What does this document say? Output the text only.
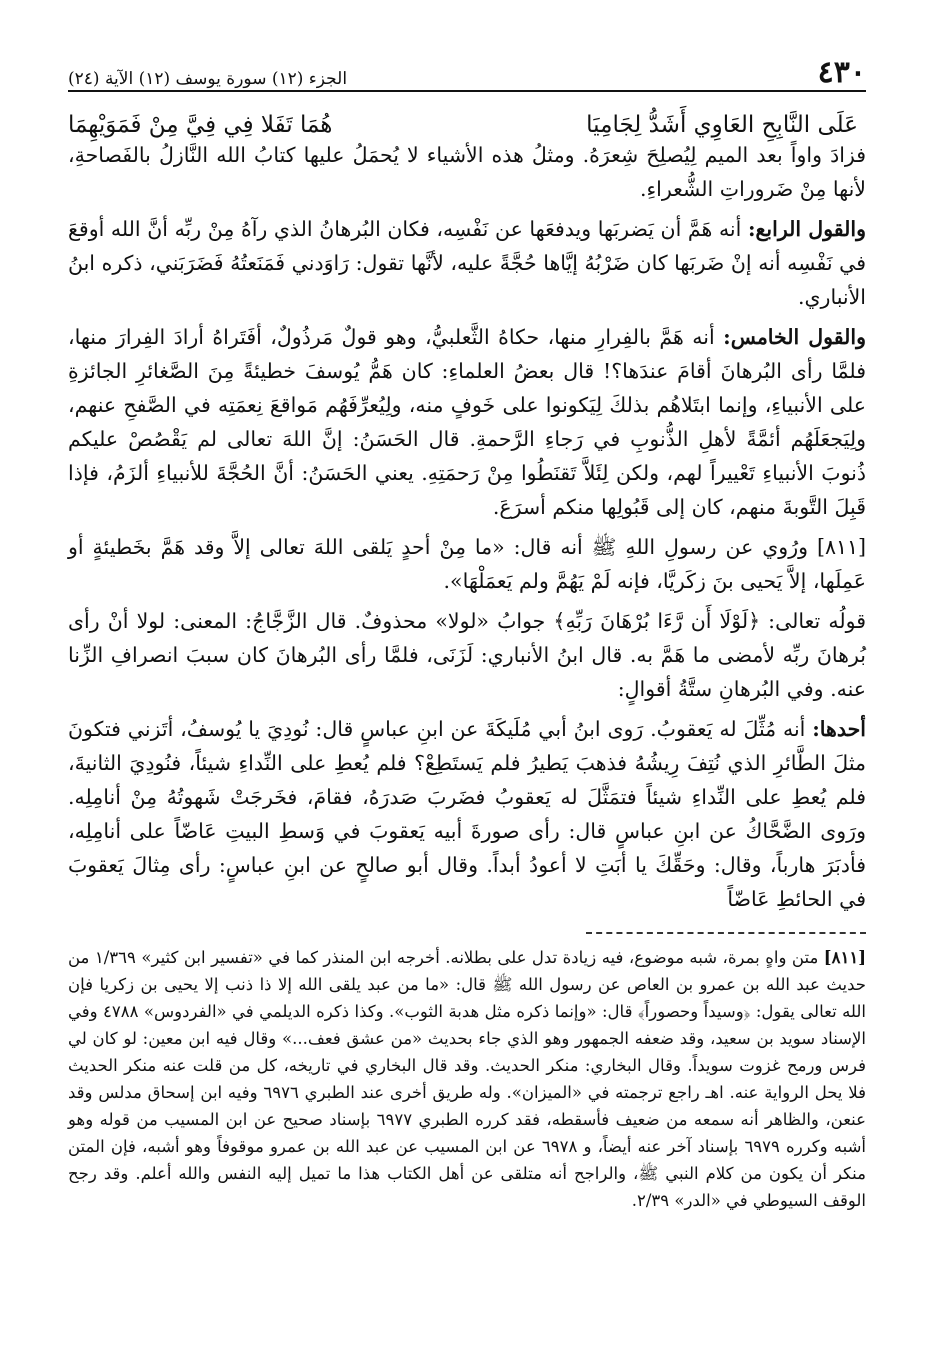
٤٣٠
الجزء (١٢) سورة يوسف (١٢) الآية (٢٤)
عَلَى النَّابِحِ العَاوِي أَشَدُّ لِجَامِيَا
هُمَا تَفَلا فِي فِيَّ مِنْ فَمَوَيْهِمَا

فزادَ واواً بعد الميم لِيُصلِحَ شِعرَهُ. ومثلُ هذه الأشياء لا يُحمَلُ عليها كتابُ الله النَّازلُ بالفَصاحةِ، لأنها مِنْ ضَروراتِ الشُّعراءِ.

والقول الرابع: أنه هَمَّ أن يَضربَها ويدفعَها عن نَفْسِه، فكان البُرهانُ الذي رآهُ مِنْ ربِّه أنَّ الله أوقعَ في نَفْسِه أنه إنْ ضَربَها كان ضَرْبُهُ إيَّاها حُجَّةً عليه، لأنَّها تقول: رَاوَدني فَمَنَعتُهُ فَضَرَبَني، ذكره ابنُ الأنباري.

والقول الخامس: أنه هَمَّ بالفِرارِ منها، حكاهُ الثَّعلبيُّ، وهو قولٌ مَرذُولٌ، أفَتَراهُ أرادَ الفِرارَ منها، فلمَّا رأى البُرهانَ أقامَ عندَها؟! قال بعضُ العلماءِ: كان هَمُّ يُوسفَ خطيئةً مِنَ الصَّغائرِ الجائزةِ على الأنبياءِ، وإنما ابتَلاهُم بذلكَ لِيَكونوا على خَوفٍ منه، ولِيُعرِّفَهُم مَواقعَ نِعمَتِه في الصَّفحِ عنهم، ولِيَجعَلَهُم أئمَّةً لأهلِ الذُّنوبِ في رَجاءِ الرَّحمةِ. قال الحَسَنُ: إنَّ اللهَ تعالى لم يَقْصُصْ عليكم ذُنوبَ الأنبياءِ تَعْييراً لهم، ولكن لِئَلاَّ تَقنَطُوا مِنْ رَحمَتِهِ. يعني الحَسَنُ: أنَّ الحُجَّةَ للأنبياءِ ألزَمُ، فإذا قَبِلَ التَّوبةَ منهم، كان إلى قَبُولِها منكم أسرَعَ.

[٨١١] ورُوي عن رسولِ اللهِ ﷺ أنه قال: «ما مِنْ أحدٍ يَلقى اللهَ تعالى إلاَّ وقد هَمَّ بخَطيئةٍ أو عَمِلَها، إلاَّ يَحيى بنَ زكَريَّا، فإنه لَمْ يَهُمَّ ولم يَعمَلْهَا».

قولُه تعالى: ﴿لَوْلَا أَن رَّءَا بُرْهَانَ رَبِّهِ﴾ جوابُ «لولا» محذوفٌ. قال الزَّجَّاجُ: المعنى: لولا أنْ رأى بُرهانَ ربِّه لأمضى ما هَمَّ به. قال ابنُ الأنباري: لَزَنَى، فلمَّا رأى البُرهانَ كان سببَ انصرافِ الزِّنا عنه. وفي البُرهانِ ستَّةُ أقوالٍ:

أحدها: أنه مُثِّلَ له يَعقوبُ. رَوى ابنُ أبي مُلَيكَةَ عن ابنِ عباسٍ قال: نُودِيَ يا يُوسفُ، أتَزني فتكونَ مثلَ الطَّائرِ الذي نُتِفَ رِيشُهُ فذهبَ يَطيرُ فلم يَستَطِعْ؟ فلم يُعطِ على النِّداءِ شيئاً، فنُودِيَ الثانيةَ، فلم يُعطِ على النِّداءِ شيئاً فتمَثَّلَ له يَعقوبُ فضَربَ صَدرَهُ، فقامَ، فخَرجَتْ شَهوتُهُ مِنْ أنامِلِه. ورَوى الضَّحَّاكُ عن ابنِ عباسٍ قال: رأى صورةَ أبيه يَعقوبَ في وَسطِ البيتِ عَاضّاً على أنامِلِه، فأدبَرَ هارباً، وقال: وحَقِّكَ يا أبَتِ لا أعودُ أبداً. وقال أبو صالحٍ عن ابنِ عباسٍ: رأى مِثالَ يَعقوبَ في الحائطِ عَاضّاً

[٨١١] متن واهٍ بمرة، شبه موضوع، فيه زيادة تدل على بطلانه. أخرجه ابن المنذر كما في «تفسير ابن كثير» ١/٣٦٩ من حديث عبد الله بن عمرو بن العاص عن رسول الله ﷺ قال: «ما من عبد يلقى الله إلا ذا ذنب إلا يحيى بن زكريا فإن الله تعالى يقول: ﴿وسيداً وحصوراً﴾ قال: «وإنما ذكره مثل هدبة الثوب». وكذا ذكره الديلمي في «الفردوس» ٤٧٨٨ وفي الإسناد سويد بن سعيد، وقد ضعفه الجمهور وهو الذي جاء بحديث «من عشق فعف...» وقال فيه ابن معين: لو كان لي فرس ورمح غزوت سويداً. وقال البخاري: منكر الحديث. وقد قال البخاري في تاريخه، كل من قلت عنه منكر الحديث فلا يحل الرواية عنه. اهـ راجع ترجمته في «الميزان». وله طريق أخرى عند الطبري ٦٩٧٦ وفيه ابن إسحاق مدلس وقد عنعن، والظاهر أنه سمعه من ضعيف فأسقطه، فقد كرره الطبري ٦٩٧٧ بإسناد صحيح عن ابن المسيب من قوله وهو أشبه وكرره ٦٩٧٩ بإسناد آخر عنه أيضاً، و ٦٩٧٨ عن ابن المسيب عن عبد الله بن عمرو موقوفاً وهو أشبه، فإن المتن منكر أن يكون من كلام النبي ﷺ، والراجح أنه متلقى عن أهل الكتاب هذا ما تميل إليه النفس والله أعلم. وقد رجح الوقف السيوطي في «الدر» ٢/٣٩.
